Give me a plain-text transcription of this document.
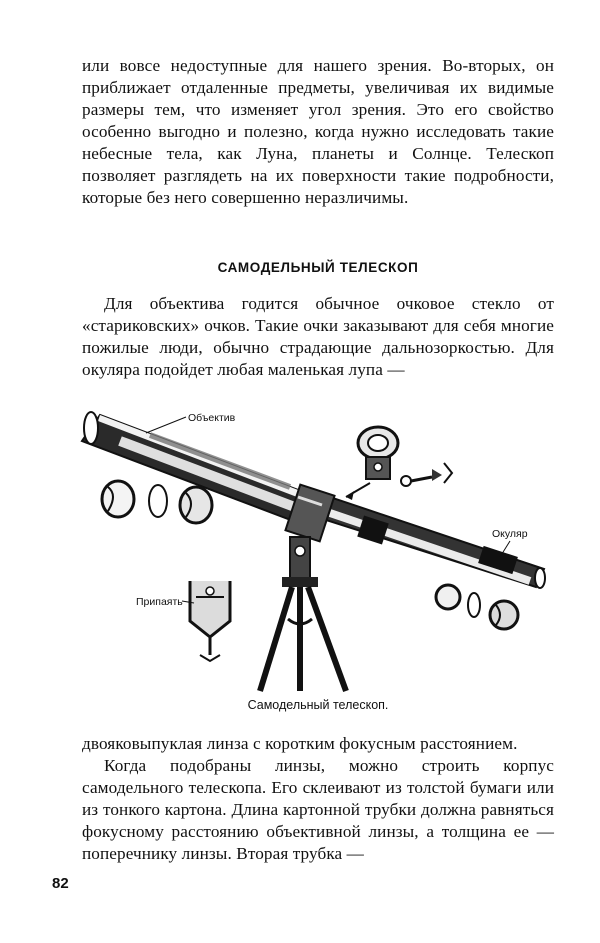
или вовсе недоступные для нашего зрения. Во-вторых, он приближает отдаленные предметы, увеличивая их видимые размеры тем, что изменяет угол зрения. Это его свойство особенно выгодно и полезно, когда нужно исследовать такие небесные тела, как Луна, планеты и Солнце. Телескоп позволяет разглядеть на их поверхности такие подробности, которые без него совершенно неразличимы.

САМОДЕЛЬНЫЙ ТЕЛЕСКОП

Для объектива годится обычное очковое стекло от «стариковских» очков. Такие очки заказывают для себя многие пожилые люди, обычно страдающие дальнозоркостью. Для окуляра подойдет любая маленькая лупа —

Объектив
Окуляр
Припаять
Самодельный телескоп.

двояковыпуклая линза с коротким фокусным расстоянием.

Когда подобраны линзы, можно строить корпус самодельного телескопа. Его склеивают из толстой бумаги или из тонкого картона. Длина картонной трубки должна равняться фокусному расстоянию объективной линзы, а толщина ее — поперечнику линзы. Вторая трубка —

82
